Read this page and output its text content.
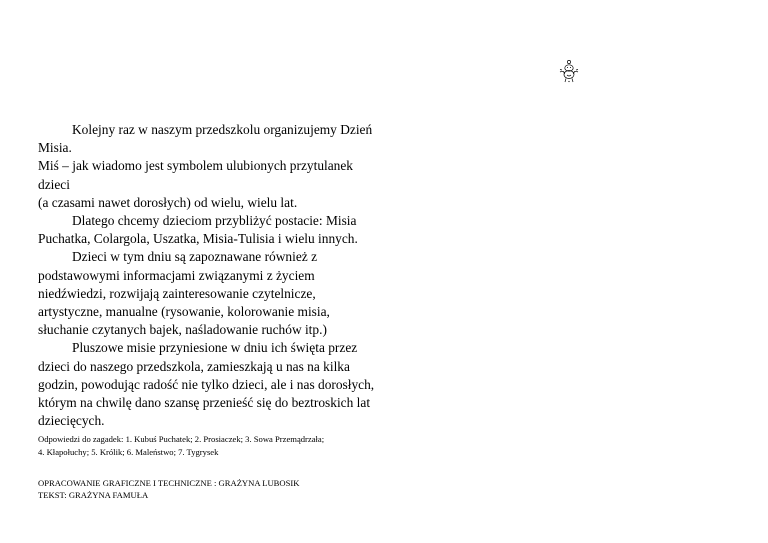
Kolejny raz w naszym przedszkolu organizujemy Dzień
Misia.
Miś – jak wiadomo jest symbolem ulubionych przytulanek
dzieci
(a czasami nawet dorosłych) od wielu, wielu lat.
Dlatego chcemy dzieciom przybliżyć postacie: Misia
Puchatka, Colargola, Uszatka, Misia-Tulisia i wielu innych.
Dzieci w tym dniu są zapoznawane również z
podstawowymi informacjami związanymi z życiem
niedźwiedzi, rozwijają zainteresowanie czytelnicze,
artystyczne, manualne (rysowanie, kolorowanie misia,
słuchanie czytanych bajek, naśladowanie ruchów itp.)
Pluszowe misie przyniesione w dniu ich święta przez
dzieci do naszego przedszkola, zamieszkają u nas na kilka
godzin, powodując radość nie tylko dzieci, ale i nas dorosłych,
którym na chwilę dano szansę przenieść się do beztroskich lat
dziecięcych.
Odpowiedzi do zagadek: 1. Kubuś Puchatek; 2. Prosiaczek; 3. Sowa Przemądrzała;
4. Kłapołuchy; 5. Królik; 6. Maleństwo; 7. Tygrysek
OPRACOWANIE GRAFICZNE I TECHNICZNE : GRAŻYNA LUBOSIK
TEKST: GRAŻYNA FAMUŁA
